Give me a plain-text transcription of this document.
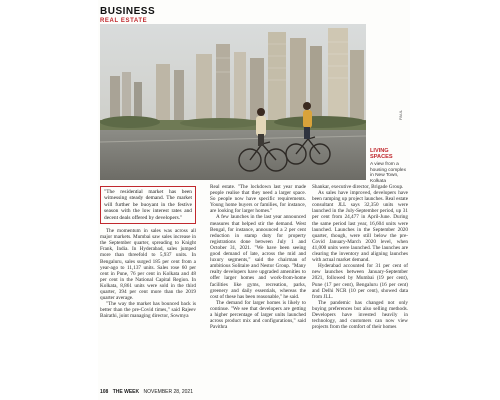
BUSINESS
REAL ESTATE
PAUL
LIVING SPACES
A view from a housing complex in New Town, Kolkata
"The residential market has been witnessing steady demand. The market will further be buoyant in the festive season with the low interest rates and decent deals offered by developers."

The momentum in sales was across all major markets. Mumbai saw sales increase in the September quarter, spreading to Knight Frank, India. In Hyderabad, sales jumped more than threefold to 5,937 units. In Bengaluru, sales surged 185 per cent from a year-ago to 11,137 units. Sales rose 60 per cent in Pune, 76 per cent in Kolkata and 48 per cent in the National Capital Region. In Kolkata, 8,861 units were sold in the third quarter, 394 per cent more than the 2019 quarter average.

"The way the market has bounced back is better than the pre-Covid times," said Rajeev Bairathi, joint managing director, Sowmya

Real estate. "The lockdown last year made people realise that they need a larger space. So people now have specific requirements. Young home buyers or families, for instance, are looking for larger homes."

A few launches in the last year announced measures that helped stir the demand. West Bengal, for instance, announced a 2 per cent reduction in stamp duty for property registrations done between July 1 and October 31, 2021. "We have been seeing good demand of late, across the mid and luxury segments," said the chairman of ambitious Solitaire and Nestor Group. "Many realty developers have upgraded amenities to offer larger homes and work-from-home facilities like gyms, recreation, parks, greenery and daily essentials, whereas the cost of these has been reasonable," he said.

The demand for larger homes is likely to continue. "We see that developers are getting a higher percentage of larger units launched across product mix and configurations," said Pavithra

Shankar, executive director, Brigade Group.

As sales have improved, developers have been ramping up project launches. Real estate consultant JLL says 32,350 units were launched in the July-September period, up 31 per cent from 24,477 in April-June. During the same period last year, 16,604 units were launched. Launches in the September 2020 quarter, though, were still below the pre-Covid January-March 2020 level, when 41,000 units were launched. The launches are clearing the inventory and aligning launches with actual market demand.

Hyderabad accounted for 31 per cent of new launches between January-September 2021, followed by Mumbai (19 per cent), Pune (17 per cent), Bengaluru (16 per cent) and Delhi NCR (10 per cent), showed data from JLL.

The pandemic has changed not only buying preferences but also selling methods. Developers have invested heavily in technology, and customers can now view projects from the comfort of their homes

108 THE WEEK NOVEMBER 28, 2021
